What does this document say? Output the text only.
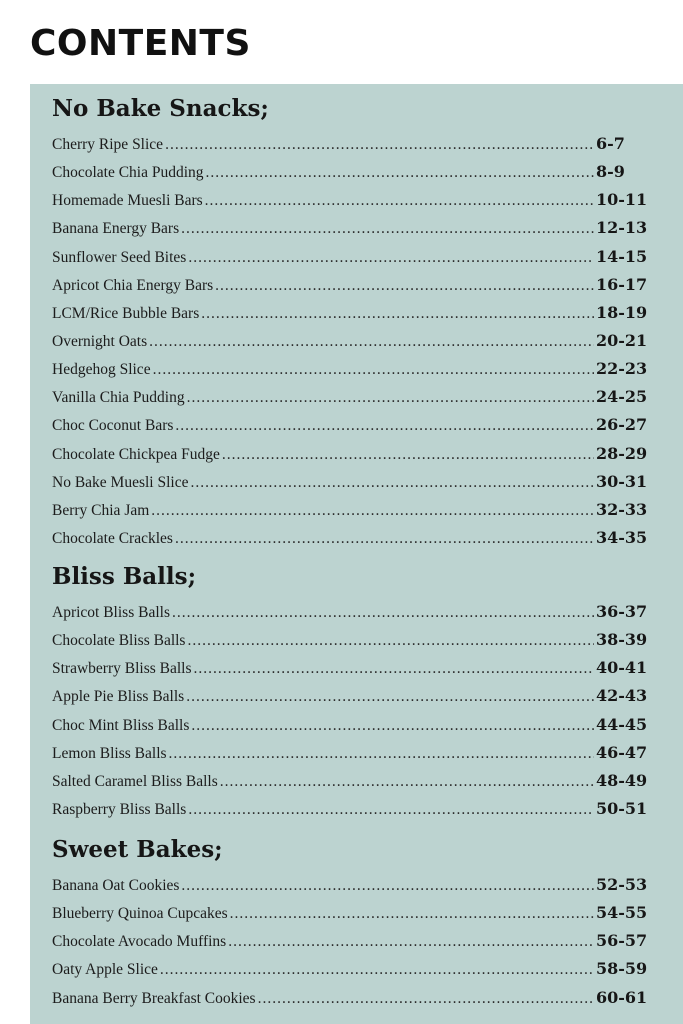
CONTENTS
No Bake Snacks;
Cherry Ripe Slice .....	6-7
Chocolate Chia Pudding .....	8-9
Homemade Muesli Bars .....	10-11
Banana Energy Bars .....	12-13
Sunflower Seed Bites .....	14-15
Apricot Chia Energy Bars .....	16-17
LCM/Rice Bubble Bars .....	18-19
Overnight Oats .....	20-21
Hedgehog Slice .....	22-23
Vanilla Chia Pudding .....	24-25
Choc Coconut Bars .....	26-27
Chocolate Chickpea Fudge .....	28-29
No Bake Muesli Slice .....	30-31
Berry Chia Jam .....	32-33
Chocolate Crackles .....	34-35
Bliss Balls;
Apricot Bliss Balls .....	36-37
Chocolate Bliss Balls .....	38-39
Strawberry Bliss Balls .....	40-41
Apple Pie Bliss Balls .....	42-43
Choc Mint Bliss Balls .....	44-45
Lemon Bliss Balls .....	46-47
Salted Caramel Bliss Balls .....	48-49
Raspberry Bliss Balls .....	50-51
Sweet Bakes;
Banana Oat Cookies .....	52-53
Blueberry Quinoa Cupcakes .....	54-55
Chocolate Avocado Muffins .....	56-57
Oaty Apple Slice .....	58-59
Banana Berry Breakfast Cookies .....	60-61
